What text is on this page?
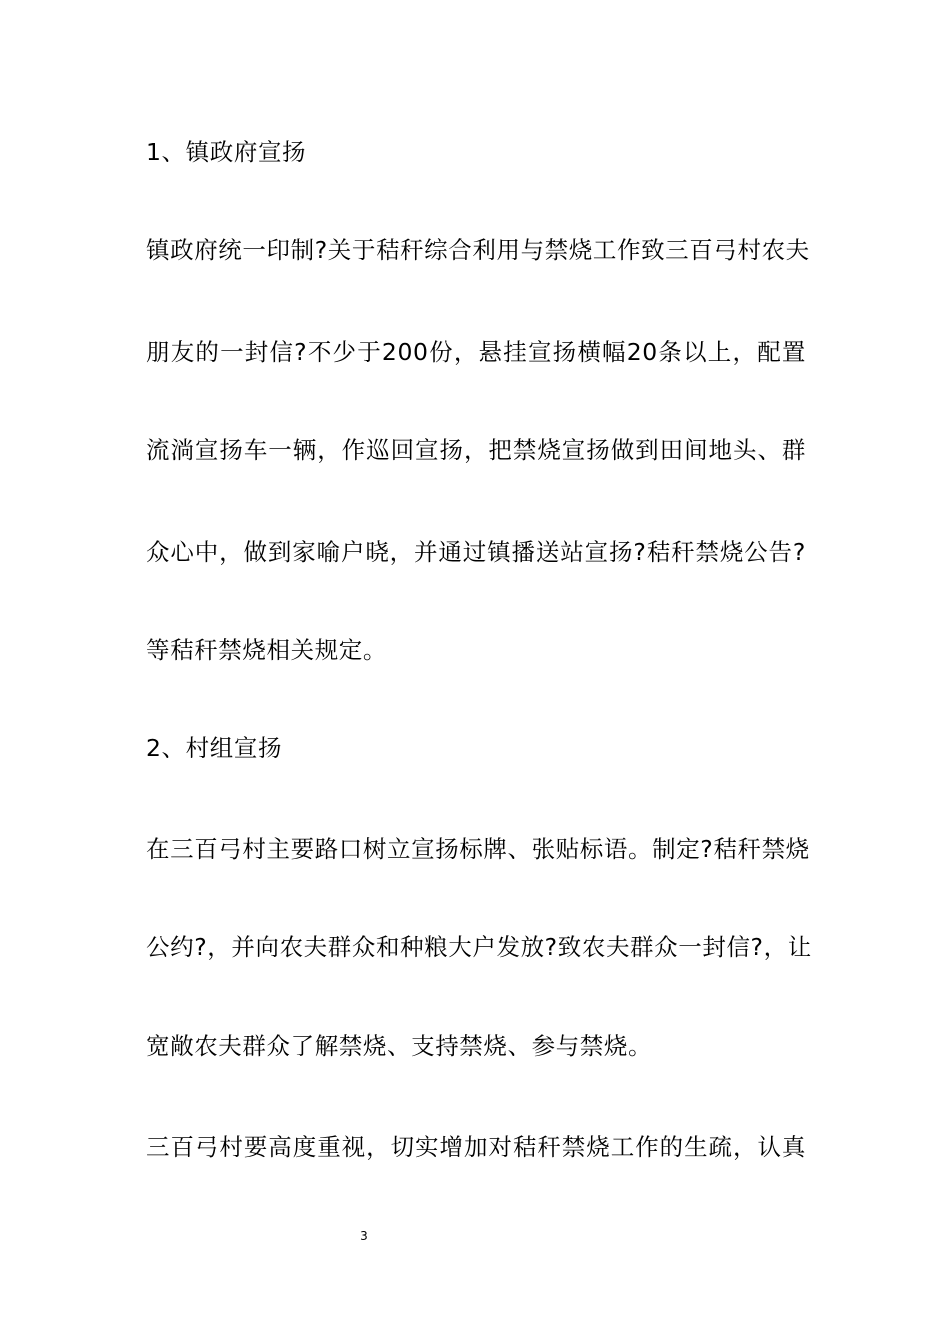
1、镇政府宣扬
镇政府统一印制?关于秸秆综合利用与禁烧工作致三百弓村农夫
朋友的一封信?不少于200份，悬挂宣扬横幅20条以上，配置
流淌宣扬车一辆，作巡回宣扬，把禁烧宣扬做到田间地头、群
众心中，做到家喻户晓，并通过镇播送站宣扬?秸秆禁烧公告?
等秸秆禁烧相关规定。
2、村组宣扬
在三百弓村主要路口树立宣扬标牌、张贴标语。制定?秸秆禁烧
公约?，并向农夫群众和种粮大户发放?致农夫群众一封信?，让
宽敞农夫群众了解禁烧、支持禁烧、参与禁烧。
三百弓村要高度重视，切实增加对秸秆禁烧工作的生疏，认真
3
